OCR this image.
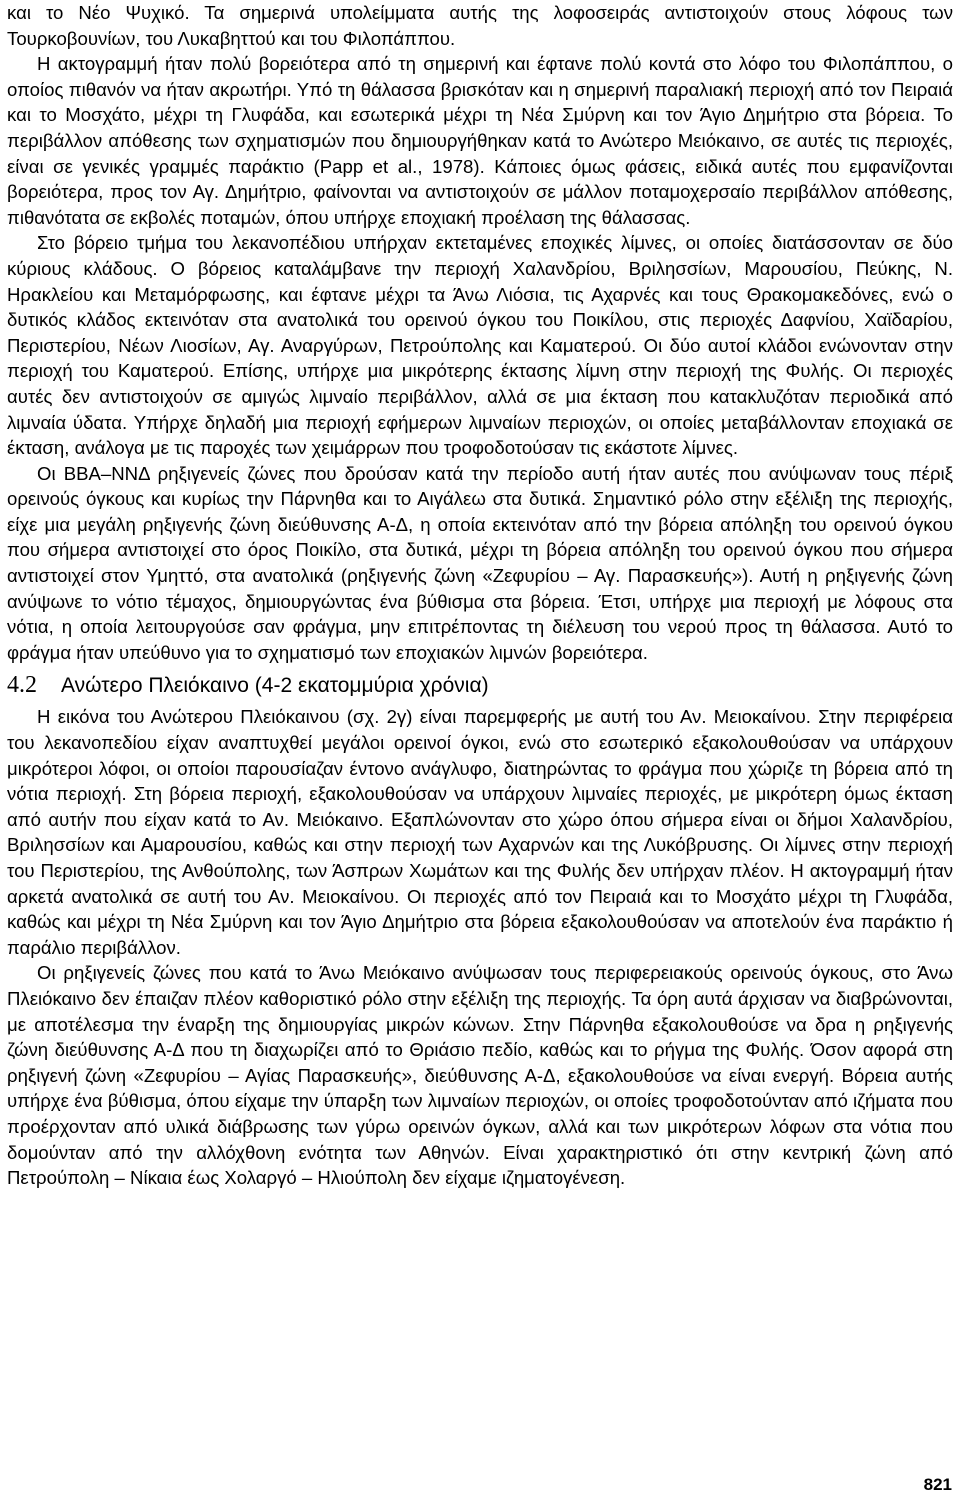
και το Νέο Ψυχικό. Τα σημερινά υπολείμματα αυτής της λοφοσειράς αντιστοιχούν στους λόφους των Τουρκοβουνίων, του Λυκαβηττού και του Φιλοπάππου.

Η ακτογραμμή ήταν πολύ βορειότερα από τη σημερινή και έφτανε πολύ κοντά στο λόφο του Φιλοπάππου, ο οποίος πιθανόν να ήταν ακρωτήρι. Υπό τη θάλασσα βρισκόταν και η σημερινή παραλιακή περιοχή από τον Πειραιά και το Μοσχάτο, μέχρι τη Γλυφάδα, και εσωτερικά μέχρι τη Νέα Σμύρνη και τον Άγιο Δημήτριο στα βόρεια. Το περιβάλλον απόθεσης των σχηματισμών που δημιουργήθηκαν κατά το Ανώτερο Μειόκαινο, σε αυτές τις περιοχές, είναι σε γενικές γραμμές παράκτιο (Papp et al., 1978). Κάποιες όμως φάσεις, ειδικά αυτές που εμφανίζονται βορειότερα, προς τον Αγ. Δημήτριο, φαίνονται να αντιστοιχούν σε μάλλον ποταμοχερσαίο περιβάλλον απόθεσης, πιθανότατα σε εκβολές ποταμών, όπου υπήρχε εποχιακή προέλαση της θάλασσας.

Στο βόρειο τμήμα του λεκανοπέδιου υπήρχαν εκτεταμένες εποχικές λίμνες, οι οποίες διατάσσονταν σε δύο κύριους κλάδους. Ο βόρειος καταλάμβανε την περιοχή Χαλανδρίου, Βριλησσίων, Μαρουσίου, Πεύκης, Ν. Ηρακλείου και Μεταμόρφωσης, και έφτανε μέχρι τα Άνω Λιόσια, τις Αχαρνές και τους Θρακομακεδόνες, ενώ ο δυτικός κλάδος εκτεινόταν στα ανατολικά του ορεινού όγκου του Ποικίλου, στις περιοχές Δαφνίου, Χαϊδαρίου, Περιστερίου, Νέων Λιοσίων, Αγ. Αναργύρων, Πετρούπολης και Καματερού. Οι δύο αυτοί κλάδοι ενώνονταν στην περιοχή του Καματερού. Επίσης, υπήρχε μια μικρότερης έκτασης λίμνη στην περιοχή της Φυλής. Οι περιοχές αυτές δεν αντιστοιχούν σε αμιγώς λιμναίο περιβάλλον, αλλά σε μια έκταση που κατακλυζόταν περιοδικά από λιμναία ύδατα. Υπήρχε δηλαδή μια περιοχή εφήμερων λιμναίων περιοχών, οι οποίες μεταβάλλονταν εποχιακά σε έκταση, ανάλογα με τις παροχές των χειμάρρων που τροφοδοτούσαν τις εκάστοτε λίμνες.

Οι ΒΒΑ–ΝΝΔ ρηξιγενείς ζώνες που δρούσαν κατά την περίοδο αυτή ήταν αυτές που ανύψωναν τους πέριξ ορεινούς όγκους και κυρίως την Πάρνηθα και το Αιγάλεω στα δυτικά. Σημαντικό ρόλο στην εξέλιξη της περιοχής, είχε μια μεγάλη ρηξιγενής ζώνη διεύθυνσης Α-Δ, η οποία εκτεινόταν από την βόρεια απόληξη του ορεινού όγκου που σήμερα αντιστοιχεί στο όρος Ποικίλο, στα δυτικά, μέχρι τη βόρεια απόληξη του ορεινού όγκου που σήμερα αντιστοιχεί στον Υμηττό, στα ανατολικά (ρηξιγενής ζώνη «Ζεφυρίου – Αγ. Παρασκευής»). Αυτή η ρηξιγενής ζώνη ανύψωνε το νότιο τέμαχος, δημιουργώντας ένα βύθισμα στα βόρεια. Έτσι, υπήρχε μια περιοχή με λόφους στα νότια, η οποία λειτουργούσε σαν φράγμα, μην επιτρέποντας τη διέλευση του νερού προς τη θάλασσα. Αυτό το φράγμα ήταν υπεύθυνο για το σχηματισμό των εποχιακών λιμνών βορειότερα.

4.2	Ανώτερο Πλειόκαινο (4-2 εκατομμύρια χρόνια)

Η εικόνα του Ανώτερου Πλειόκαινου (σχ. 2γ) είναι παρεμφερής με αυτή του Αν. Μειοκαίνου. Στην περιφέρεια του λεκανοπεδίου είχαν αναπτυχθεί μεγάλοι ορεινοί όγκοι, ενώ στο εσωτερικό εξακολουθούσαν να υπάρχουν μικρότεροι λόφοι, οι οποίοι παρουσίαζαν έντονο ανάγλυφο, διατηρώντας το φράγμα που χώριζε τη βόρεια από τη νότια περιοχή. Στη βόρεια περιοχή, εξακολουθούσαν να υπάρχουν λιμναίες περιοχές, με μικρότερη όμως έκταση από αυτήν που είχαν κατά το Αν. Μειόκαινο. Εξαπλώνονταν στο χώρο όπου σήμερα είναι οι δήμοι Χαλανδρίου, Βριλησσίων και Αμαρουσίου, καθώς και στην περιοχή των Αχαρνών και της Λυκόβρυσης. Οι λίμνες στην περιοχή του Περιστερίου, της Ανθούπολης, των Άσπρων Χωμάτων και της Φυλής δεν υπήρχαν πλέον. Η ακτογραμμή ήταν αρκετά ανατολικά σε αυτή του Αν. Μειοκαίνου. Οι περιοχές από τον Πειραιά και το Μοσχάτο μέχρι τη Γλυφάδα, καθώς και μέχρι τη Νέα Σμύρνη και τον Άγιο Δημήτριο στα βόρεια εξακολουθούσαν να αποτελούν ένα παράκτιο ή παράλιο περιβάλλον.

Οι ρηξιγενείς ζώνες που κατά το Άνω Μειόκαινο ανύψωσαν τους περιφερειακούς ορεινούς όγκους, στο Άνω Πλειόκαινο δεν έπαιζαν πλέον καθοριστικό ρόλο στην εξέλιξη της περιοχής. Τα όρη αυτά άρχισαν να διαβρώνονται, με αποτέλεσμα την έναρξη της δημιουργίας μικρών κώνων. Στην Πάρνηθα εξακολουθούσε να δρα η ρηξιγενής ζώνη διεύθυνσης Α-Δ που τη διαχωρίζει από το Θριάσιο πεδίο, καθώς και το ρήγμα της Φυλής. Όσον αφορά στη ρηξιγενή ζώνη «Ζεφυρίου – Αγίας Παρασκευής», διεύθυνσης Α-Δ, εξακολουθούσε να είναι ενεργή. Βόρεια αυτής υπήρχε ένα βύθισμα, όπου είχαμε την ύπαρξη των λιμναίων περιοχών, οι οποίες τροφοδοτούνταν από ιζήματα που προέρχονταν από υλικά διάβρωσης των γύρω ορεινών όγκων, αλλά και των μικρότερων λόφων στα νότια που δομούνταν από την αλλόχθονη ενότητα των Αθηνών. Είναι χαρακτηριστικό ότι στην κεντρική ζώνη από Πετρούπολη – Νίκαια έως Χολαργό – Ηλιούπολη δεν είχαμε ιζηματογένεση.

821
